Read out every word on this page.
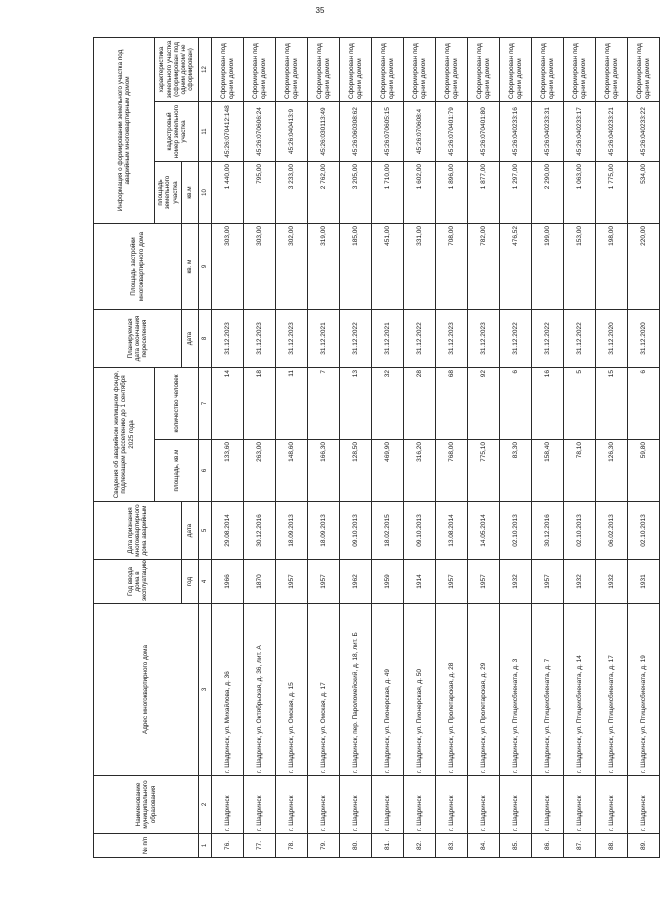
35
№ п/п	Наименование муниципального образования	Адрес многоквартирного дома	Год ввода дома в эксплуатацию	Дата признания многоквартирного дома аварийным	Сведения об аварийном жилищном фонде, подлежащем расселению до 1 сентября 2025 года		Планируемая дата окончания переселения	Площадь застройки многоквартирного дома	Информация о формировании земельного участка под аварийным многоквартирным домом		
					площадь, кв.м	количество человек			площадь земельного участка	кадастровый номер земельного участка	характеристика земельного участка (сформирован под одним домом/ не сформирован)
			год	дата			дата	кв. м	кв.м		
1	2	3	4	5	6	7	8	9	10	11	12
76.	г. Шадринск	г. Шадринск, ул. Михайлова, д. 36	1966	29.08.2014	133,60	14	31.12.2023	303,00	1 440,00	45:26:070412:148	Сформирован под одним домом
77.	г. Шадринск	г. Шадринск, ул. Октябрьская, д. 36, лит. А	1870	30.12.2016	263,00	18	31.12.2023	303,00	795,00	45:26:070606:24	Сформирован под одним домом
78.	г. Шадринск	г. Шадринск, ул. Омская, д. 15	1957	18.09.2013	148,60	11	31.12.2023	302,00	3 233,00	45:26:040413:9	Сформирован под одним домом
79.	г. Шадринск	г. Шадринск, ул. Омская, д. 17	1957	18.09.2013	166,30	7	31.12.2021	319,00	2 762,00	45:26:030113:49	Сформирован под одним домом
80.	г. Шадринск	г. Шадринск, пер. Пароломейский, д. 18, лит. Б	1962	09.10.2013	128,50	13	31.12.2022	185,00	3 205,00	45:26:060308:62	Сформирован под одним домом
81.	г. Шадринск	г. Шадринск, ул. Пионерская, д. 49	1959	18.02.2015	469,90	32	31.12.2021	451,00	1 710,00	45:26:070605:15	Сформирован под одним домом
82.	г. Шадринск	г. Шадринск, ул. Пионерская, д. 50	1914	09.10.2013	316,20	28	31.12.2022	331,00	1 602,00	45:26:070608:4	Сформирован под одним домом
83.	г. Шадринск	г. Шадринск, ул. Пролетарская, д. 28	1957	13.08.2014	768,00	68	31.12.2023	708,00	1 896,00	45:26:070401:79	Сформирован под одним домом
84.	г. Шадринск	г. Шадринск, ул. Пролетарская, д. 29	1957	14.05.2014	775,10	92	31.12.2023	782,00	1 877,00	45:26:070401:80	Сформирован под одним домом
85.	г. Шадринск	г. Шадринск, ул. Птицеисбиената, д. 3	1932	02.10.2013	83,30	6	31.12.2022	476,52	1 297,00	45:26:040233:16	Сформирован под одним домом
86.	г. Шадринск	г. Шадринск, ул. Птицеисбиената, д. 7	1957	30.12.2016	158,40	16	31.12.2022	199,00	2 290,00	45:26:040233:31	Сформирован под одним домом
87.	г. Шадринск	г. Шадринск, ул. Птицеисбиената, д. 14	1932	02.10.2013	78,10	5	31.12.2022	153,00	1 063,00	45:26:040233:17	Сформирован под одним домом
88.	г. Шадринск	г. Шадринск, ул. Птицеисбиената, д. 17	1932	06.02.2013	126,30	15	31.12.2020	198,00	1 775,00	45:26:040233:21	Сформирован под одним домом
89.	г. Шадринск	г. Шадринск, ул. Птицеисбиената, д. 19	1931	02.10.2013	59,80	6	31.12.2020	220,00	534,00	45:26:040233:22	Сформирован под одним домом
